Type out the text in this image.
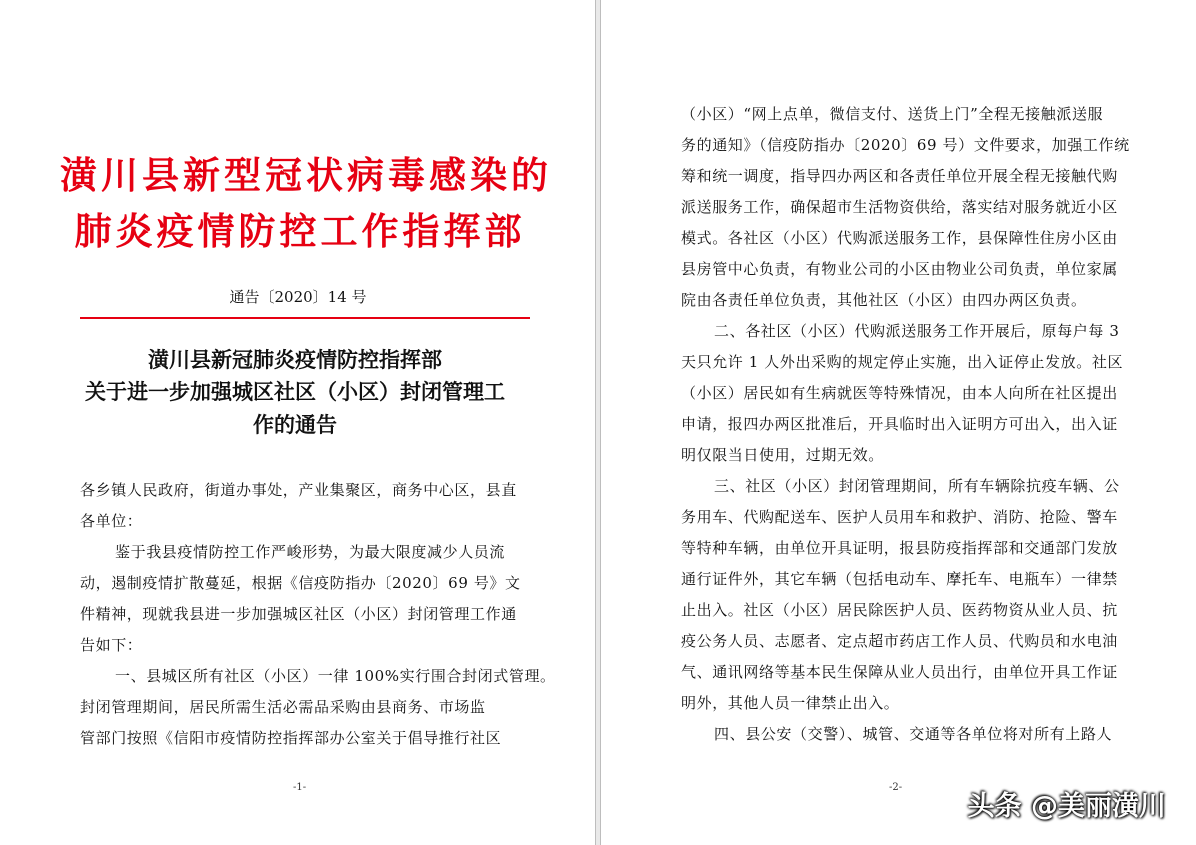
潢川县新型冠状病毒感染的
肺炎疫情防控工作指挥部
通告〔2020〕14 号
潢川县新冠肺炎疫情防控指挥部
关于进一步加强城区社区（小区）封闭管理工
作的通告
各乡镇人民政府，街道办事处，产业集聚区，商务中心区，县直
各单位：
鉴于我县疫情防控工作严峻形势，为最大限度减少人员流
动，遏制疫情扩散蔓延，根据《信疫防指办〔2020〕69 号》文
件精神，现就我县进一步加强城区社区（小区）封闭管理工作通
告如下：
一、县城区所有社区（小区）一律 100%实行围合封闭式管理。
封闭管理期间，居民所需生活必需品采购由县商务、市场监
管部门按照《信阳市疫情防控指挥部办公室关于倡导推行社区
-1-
（小区）“网上点单，微信支付、送货上门”全程无接触派送服
务的通知》（信疫防指办〔2020〕69 号）文件要求，加强工作统
筹和统一调度，指导四办两区和各责任单位开展全程无接触代购
派送服务工作，确保超市生活物资供给，落实结对服务就近小区
模式。各社区（小区）代购派送服务工作，县保障性住房小区由
县房管中心负责，有物业公司的小区由物业公司负责，单位家属
院由各责任单位负责，其他社区（小区）由四办两区负责。
二、各社区（小区）代购派送服务工作开展后，原每户每 3
天只允许 1 人外出采购的规定停止实施，出入证停止发放。社区
（小区）居民如有生病就医等特殊情况，由本人向所在社区提出
申请，报四办两区批准后，开具临时出入证明方可出入，出入证
明仅限当日使用，过期无效。
三、社区（小区）封闭管理期间，所有车辆除抗疫车辆、公
务用车、代购配送车、医护人员用车和救护、消防、抢险、警车
等特种车辆，由单位开具证明，报县防疫指挥部和交通部门发放
通行证件外，其它车辆（包括电动车、摩托车、电瓶车）一律禁
止出入。社区（小区）居民除医护人员、医药物资从业人员、抗
疫公务人员、志愿者、定点超市药店工作人员、代购员和水电油
气、通讯网络等基本民生保障从业人员出行，由单位开具工作证
明外，其他人员一律禁止出入。
四、县公安（交警）、城管、交通等各单位将对所有上路人
-2-
头条 @美丽潢川
